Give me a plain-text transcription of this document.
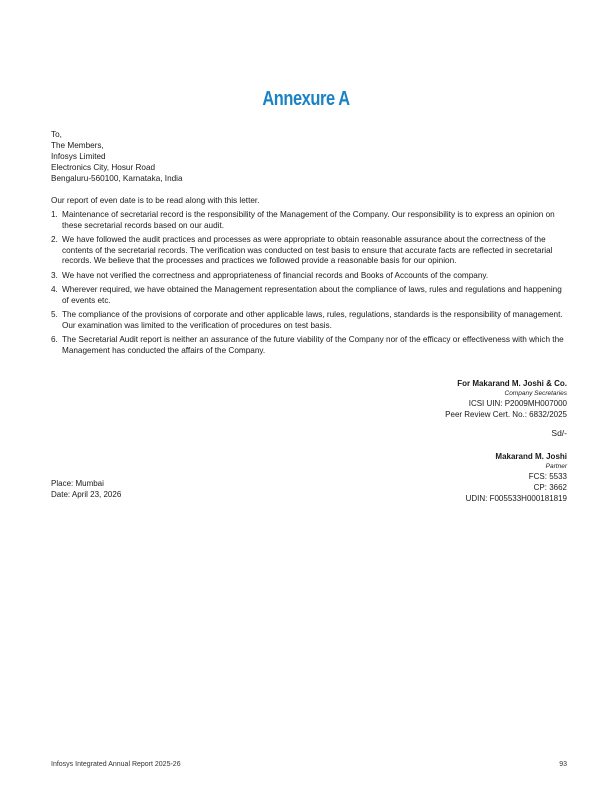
Annexure A
To,
The Members,
Infosys Limited
Electronics City, Hosur Road
Bengaluru-560100, Karnataka, India
Our report of even date is to be read along with this letter.
1. Maintenance of secretarial record is the responsibility of the Management of the Company. Our responsibility is to express an opinion on these secretarial records based on our audit.
2. We have followed the audit practices and processes as were appropriate to obtain reasonable assurance about the correctness of the contents of the secretarial records. The verification was conducted on test basis to ensure that accurate facts are reflected in secretarial records. We believe that the processes and practices we followed provide a reasonable basis for our opinion.
3. We have not verified the correctness and appropriateness of financial records and Books of Accounts of the company.
4. Wherever required, we have obtained the Management representation about the compliance of laws, rules and regulations and happening of events etc.
5. The compliance of the provisions of corporate and other applicable laws, rules, regulations, standards is the responsibility of management. Our examination was limited to the verification of procedures on test basis.
6. The Secretarial Audit report is neither an assurance of the future viability of the Company nor of the efficacy or effectiveness with which the Management has conducted the affairs of the Company.
For Makarand M. Joshi & Co.
Company Secretaries
ICSI UIN: P2009MH007000
Peer Review Cert. No.: 6832/2025
Sd/-
Makarand M. Joshi
Partner
FCS: 5533
CP: 3662
UDIN: F005533H000181819
Place: Mumbai
Date: April 23, 2026
Infosys Integrated Annual Report 2025-26	93
